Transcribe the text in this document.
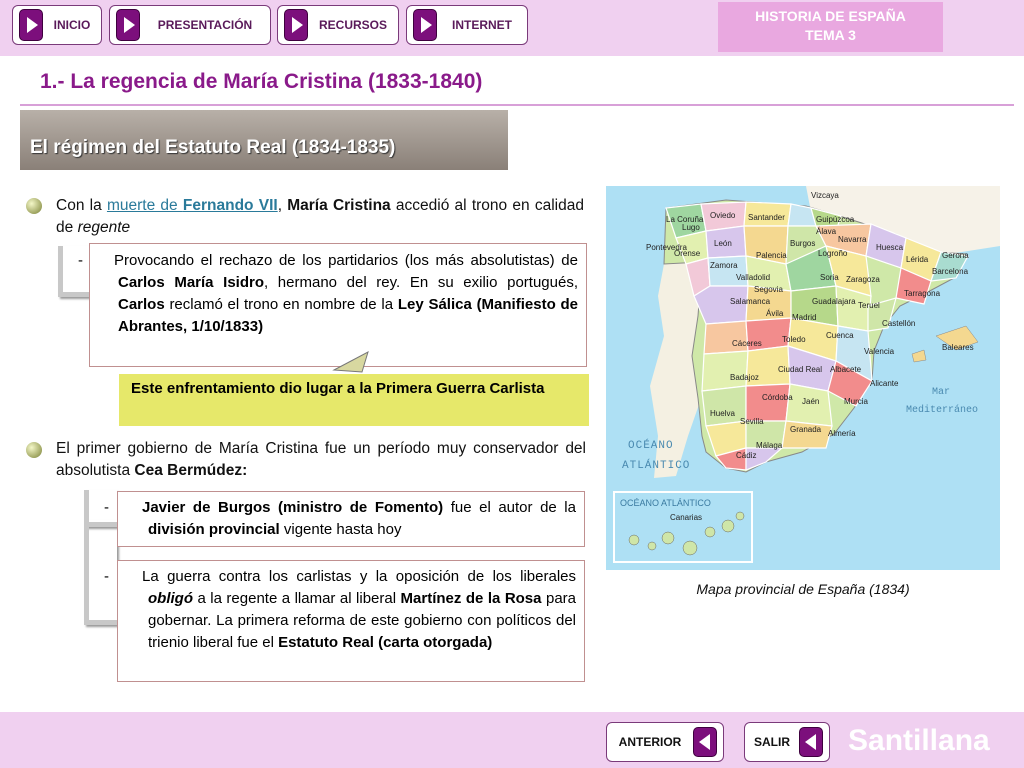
INICIO	PRESENTACIÓN	RECURSOS	INTERNET
HISTORIA DE ESPAÑA
TEMA 3
1.- La regencia de María Cristina (1833-1840)
El régimen del Estatuto Real (1834-1835)
Con la muerte de Fernando VII, María Cristina accedió al trono en calidad de regente

- Provocando el rechazo de los partidarios (los más absolutistas) de Carlos María Isidro, hermano del rey. En su exilio portugués, Carlos reclamó el trono en nombre de la Ley Sálica (Manifiesto de Abrantes, 1/10/1833)

Este enfrentamiento dio lugar a la Primera Guerra Carlista
El primer gobierno de María Cristina fue un período muy conservador del absolutista Cea Bermúdez:

- Javier de Burgos (ministro de Fomento) fue el autor de la división provincial vigente hasta hoy

- La guerra contra los carlistas y la oposición de los liberales obligó a la regente a llamar al liberal Martínez de la Rosa para gobernar. La primera reforma de este gobierno con políticos del trienio liberal fue el Estatuto Real (carta otorgada)

Vizcaya
La Coruña Oviedo Santander	Guipúzcoa
Lugo	Álava
Navarra
León	Burgos
Logroño
Huesca
Pontevedra
Orense	Palencia	Gerona
Zamora
Lérida
Barcelona
Valladolid	Soria Zaragoza
Segovia	Tarragona
Salamanca	Guadalajara Teruel
Ávila Madrid
Castellón
Baleares
Cuenca
Cáceres	Toledo
Valencia
Ciudad Real Albacete
Badajoz
Alicante
Córdoba Jaén	Murcia
Huelva
Sevilla
Granada Almería
Málaga
Cádiz
OCÉANO
ATLÁNTICO
Mar
Mediterráneo
OCÉANO ATLÁNTICO
Canarias
Mapa provincial de España (1834)
ANTERIOR	SALIR	Santillana
